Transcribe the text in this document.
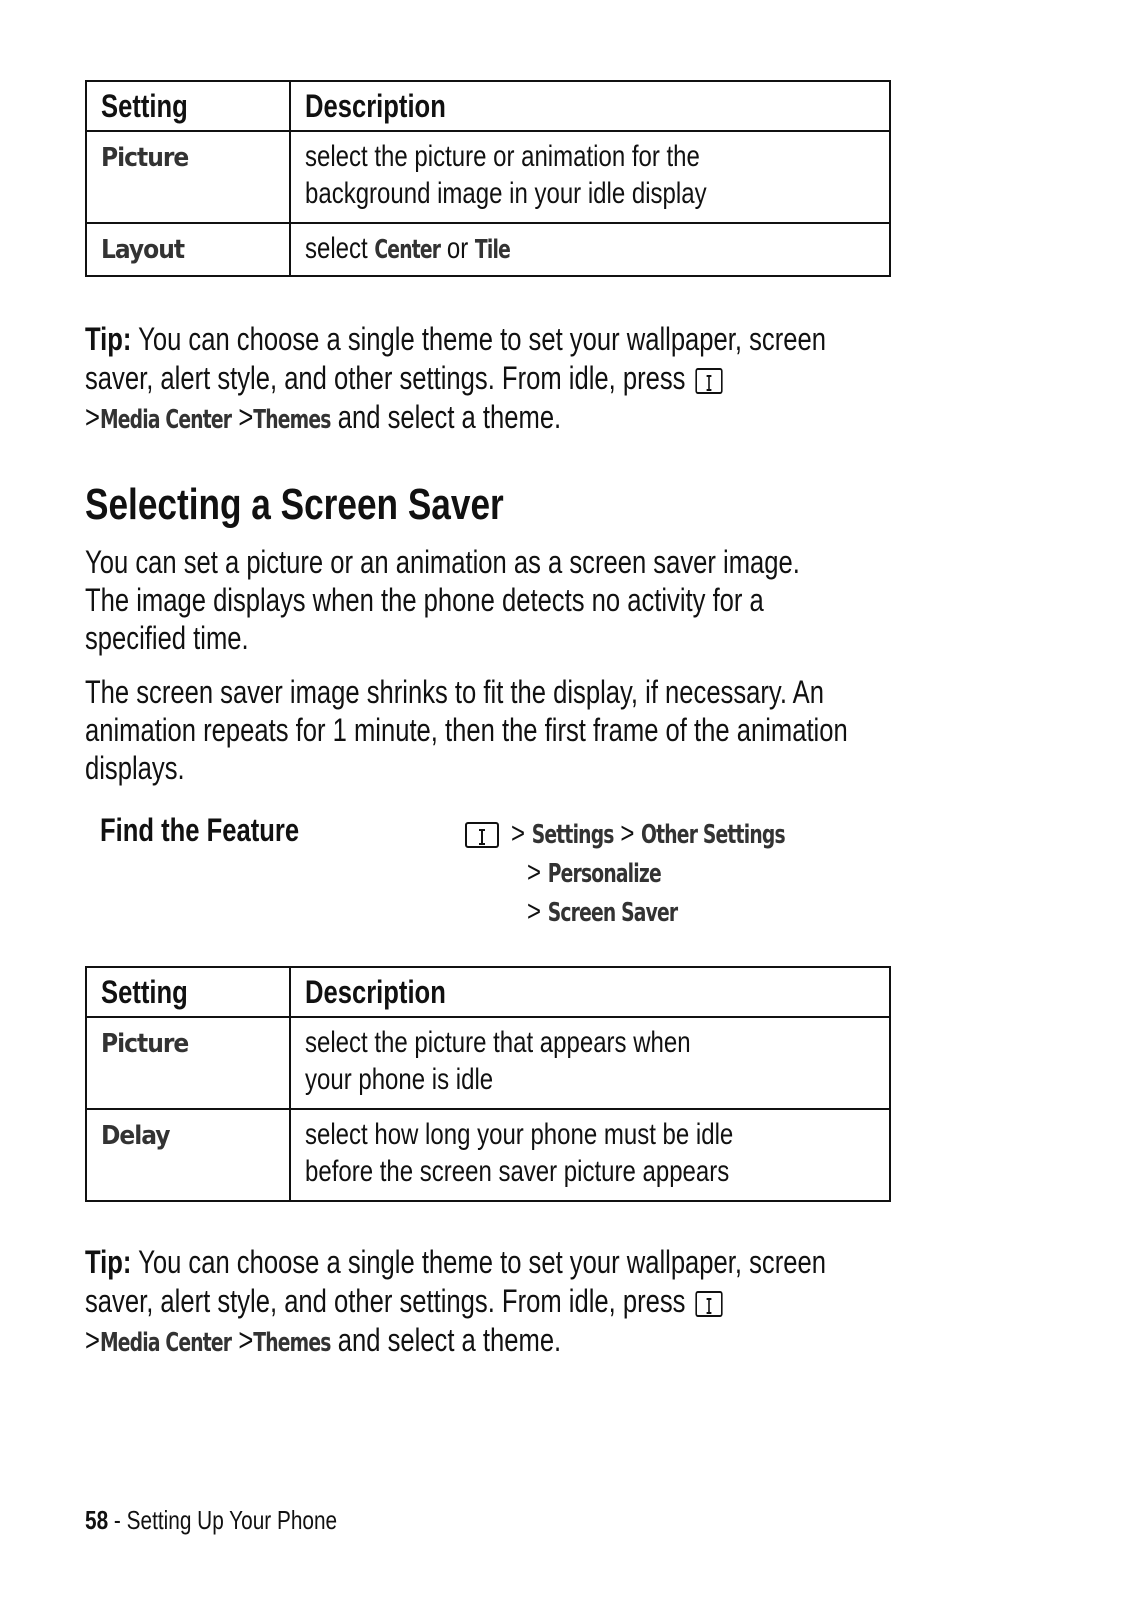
Setting	Description
Picture	select the picture or animation for the
background image in your idle display
Layout	select Center or Tile
Tip: You can choose a single theme to set your wallpaper, screen
saver, alert style, and other settings. From idle, press
>Media Center >Themes and select a theme.
Selecting a Screen Saver
You can set a picture or an animation as a screen saver image.
The image displays when the phone detects no activity for a
specified time.
The screen saver image shrinks to fit the display, if necessary. An
animation repeats for 1 minute, then the first frame of the animation
displays.
Find the Feature	> Settings > Other Settings
> Personalize
> Screen Saver
Setting	Description
Picture	select the picture that appears when
your phone is idle
Delay	select how long your phone must be idle
before the screen saver picture appears
Tip: You can choose a single theme to set your wallpaper, screen
saver, alert style, and other settings. From idle, press
>Media Center >Themes and select a theme.
58 - Setting Up Your Phone
